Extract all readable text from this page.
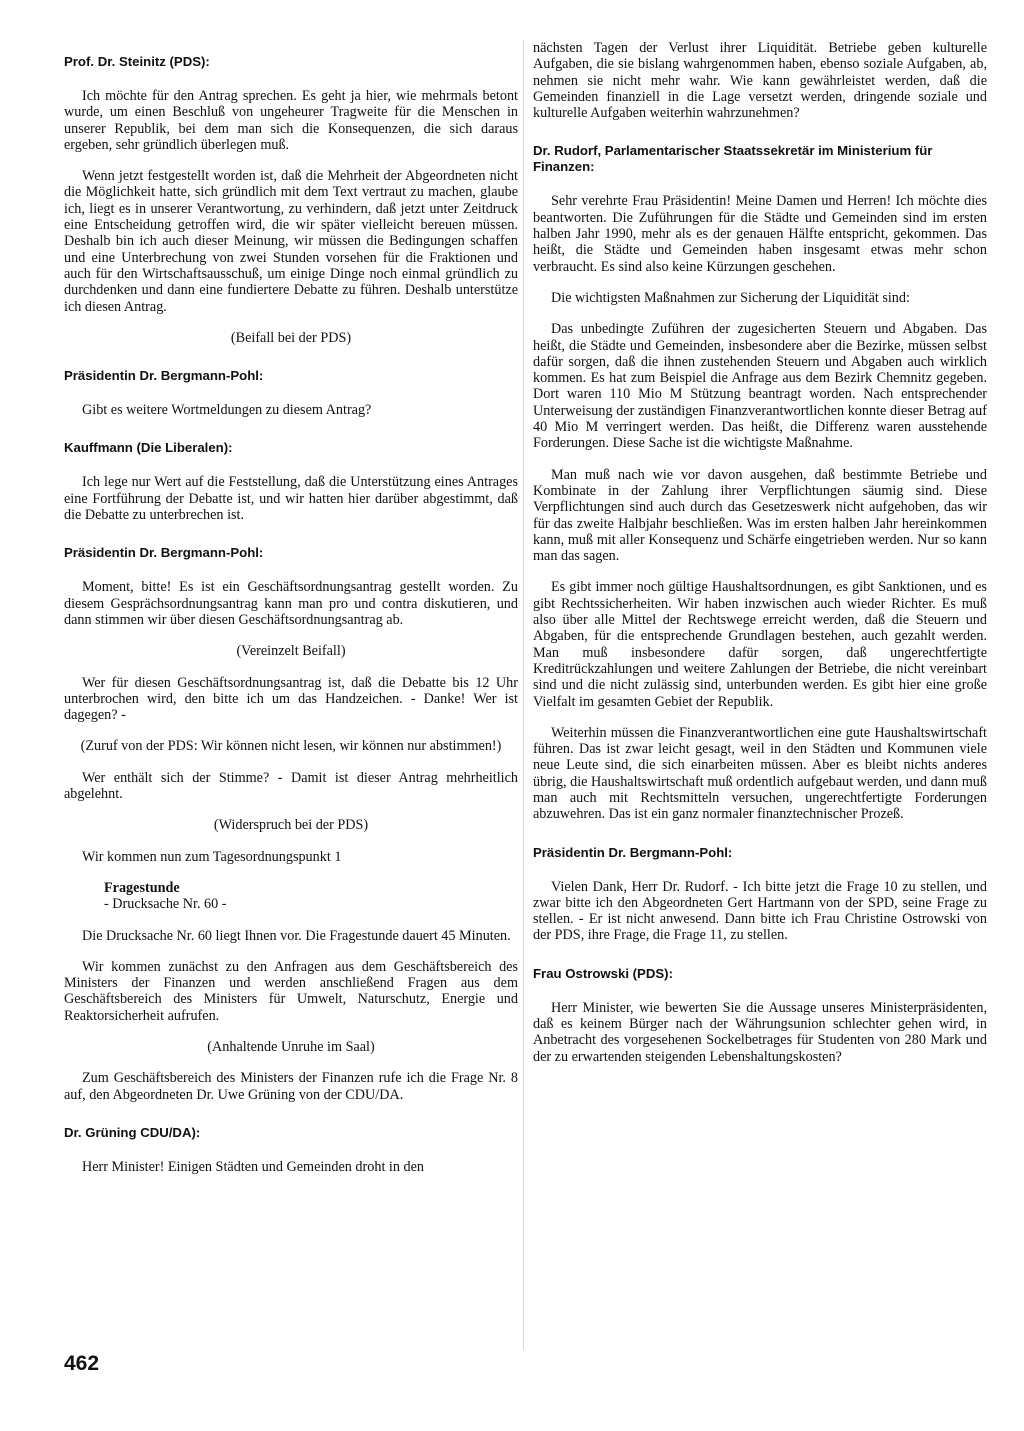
Prof. Dr. Steinitz (PDS):
Ich möchte für den Antrag sprechen. Es geht ja hier, wie mehrmals betont wurde, um einen Beschluß von ungeheurer Tragweite für die Menschen in unserer Republik, bei dem man sich die Konsequenzen, die sich daraus ergeben, sehr gründlich überlegen muß.
Wenn jetzt festgestellt worden ist, daß die Mehrheit der Abgeordneten nicht die Möglichkeit hatte, sich gründlich mit dem Text vertraut zu machen, glaube ich, liegt es in unserer Verantwortung, zu verhindern, daß jetzt unter Zeitdruck eine Entscheidung getroffen wird, die wir später vielleicht bereuen müssen. Deshalb bin ich auch dieser Meinung, wir müssen die Bedingungen schaffen und eine Unterbrechung von zwei Stunden vorsehen für die Fraktionen und auch für den Wirtschaftsausschuß, um einige Dinge noch einmal gründlich zu durchdenken und dann eine fundiertere Debatte zu führen. Deshalb unterstütze ich diesen Antrag.
(Beifall bei der PDS)
Präsidentin Dr. Bergmann-Pohl:
Gibt es weitere Wortmeldungen zu diesem Antrag?
Kauffmann (Die Liberalen):
Ich lege nur Wert auf die Feststellung, daß die Unterstützung eines Antrages eine Fortführung der Debatte ist, und wir hatten hier darüber abgestimmt, daß die Debatte zu unterbrechen ist.
Präsidentin Dr. Bergmann-Pohl:
Moment, bitte! Es ist ein Geschäftsordnungsantrag gestellt worden. Zu diesem Gesprächsordnungsantrag kann man pro und contra diskutieren, und dann stimmen wir über diesen Geschäftsordnungsantrag ab.
(Vereinzelt Beifall)
Wer für diesen Geschäftsordnungsantrag ist, daß die Debatte bis 12 Uhr unterbrochen wird, den bitte ich um das Handzeichen. - Danke! Wer ist dagegen? -
(Zuruf von der PDS: Wir können nicht lesen, wir können nur abstimmen!)
Wer enthält sich der Stimme? - Damit ist dieser Antrag mehrheitlich abgelehnt.
(Widerspruch bei der PDS)
Wir kommen nun zum Tagesordnungspunkt 1
Fragestunde
- Drucksache Nr. 60 -
Die Drucksache Nr. 60 liegt Ihnen vor. Die Fragestunde dauert 45 Minuten.
Wir kommen zunächst zu den Anfragen aus dem Geschäftsbereich des Ministers der Finanzen und werden anschließend Fragen aus dem Geschäftsbereich des Ministers für Umwelt, Naturschutz, Energie und Reaktorsicherheit aufrufen.
(Anhaltende Unruhe im Saal)
Zum Geschäftsbereich des Ministers der Finanzen rufe ich die Frage Nr. 8 auf, den Abgeordneten Dr. Uwe Grüning von der CDU/DA.
Dr. Grüning CDU/DA):
Herr Minister! Einigen Städten und Gemeinden droht in den
nächsten Tagen der Verlust ihrer Liquidität. Betriebe geben kulturelle Aufgaben, die sie bislang wahrgenommen haben, ebenso soziale Aufgaben, ab, nehmen sie nicht mehr wahr. Wie kann gewährleistet werden, daß die Gemeinden finanziell in die Lage versetzt werden, dringende soziale und kulturelle Aufgaben weiterhin wahrzunehmen?
Dr. Rudorf, Parlamentarischer Staatssekretär im Ministerium für Finanzen:
Sehr verehrte Frau Präsidentin! Meine Damen und Herren! Ich möchte dies beantworten. Die Zuführungen für die Städte und Gemeinden sind im ersten halben Jahr 1990, mehr als es der genauen Hälfte entspricht, gekommen. Das heißt, die Städte und Gemeinden haben insgesamt etwas mehr schon verbraucht. Es sind also keine Kürzungen geschehen.
Die wichtigsten Maßnahmen zur Sicherung der Liquidität sind:
Das unbedingte Zuführen der zugesicherten Steuern und Abgaben. Das heißt, die Städte und Gemeinden, insbesondere aber die Bezirke, müssen selbst dafür sorgen, daß die ihnen zustehenden Steuern und Abgaben auch wirklich kommen. Es hat zum Beispiel die Anfrage aus dem Bezirk Chemnitz gegeben. Dort waren 110 Mio M Stützung beantragt worden. Nach entsprechender Unterweisung der zuständigen Finanzverantwortlichen konnte dieser Betrag auf 40 Mio M verringert werden. Das heißt, die Differenz waren ausstehende Forderungen. Diese Sache ist die wichtigste Maßnahme.
Man muß nach wie vor davon ausgehen, daß bestimmte Betriebe und Kombinate in der Zahlung ihrer Verpflichtungen säumig sind. Diese Verpflichtungen sind auch durch das Gesetzeswerk nicht aufgehoben, das wir für das zweite Halbjahr beschließen. Was im ersten halben Jahr hereinkommen kann, muß mit aller Konsequenz und Schärfe eingetrieben werden. Nur so kann man das sagen.
Es gibt immer noch gültige Haushaltsordnungen, es gibt Sanktionen, und es gibt Rechtssicherheiten. Wir haben inzwischen auch wieder Richter. Es muß also über alle Mittel der Rechtswege erreicht werden, daß die Steuern und Abgaben, für die entsprechende Grundlagen bestehen, auch gezahlt werden. Man muß insbesondere dafür sorgen, daß ungerechtfertigte Kreditrückzahlungen und weitere Zahlungen der Betriebe, die nicht vereinbart sind und die nicht zulässig sind, unterbunden werden. Es gibt hier eine große Vielfalt im gesamten Gebiet der Republik.
Weiterhin müssen die Finanzverantwortlichen eine gute Haushaltswirtschaft führen. Das ist zwar leicht gesagt, weil in den Städten und Kommunen viele neue Leute sind, die sich einarbeiten müssen. Aber es bleibt nichts anderes übrig, die Haushaltswirtschaft muß ordentlich aufgebaut werden, und dann muß man auch mit Rechtsmitteln versuchen, ungerechtfertigte Forderungen abzuwehren. Das ist ein ganz normaler finanztechnischer Prozeß.
Präsidentin Dr. Bergmann-Pohl:
Vielen Dank, Herr Dr. Rudorf. - Ich bitte jetzt die Frage 10 zu stellen, und zwar bitte ich den Abgeordneten Gert Hartmann von der SPD, seine Frage zu stellen. - Er ist nicht anwesend. Dann bitte ich Frau Christine Ostrowski von der PDS, ihre Frage, die Frage 11, zu stellen.
Frau Ostrowski (PDS):
Herr Minister, wie bewerten Sie die Aussage unseres Ministerpräsidenten, daß es keinem Bürger nach der Währungsunion schlechter gehen wird, in Anbetracht des vorgesehenen Sockelbetrages für Studenten von 280 Mark und der zu erwartenden steigenden Lebenshaltungskosten?
462
